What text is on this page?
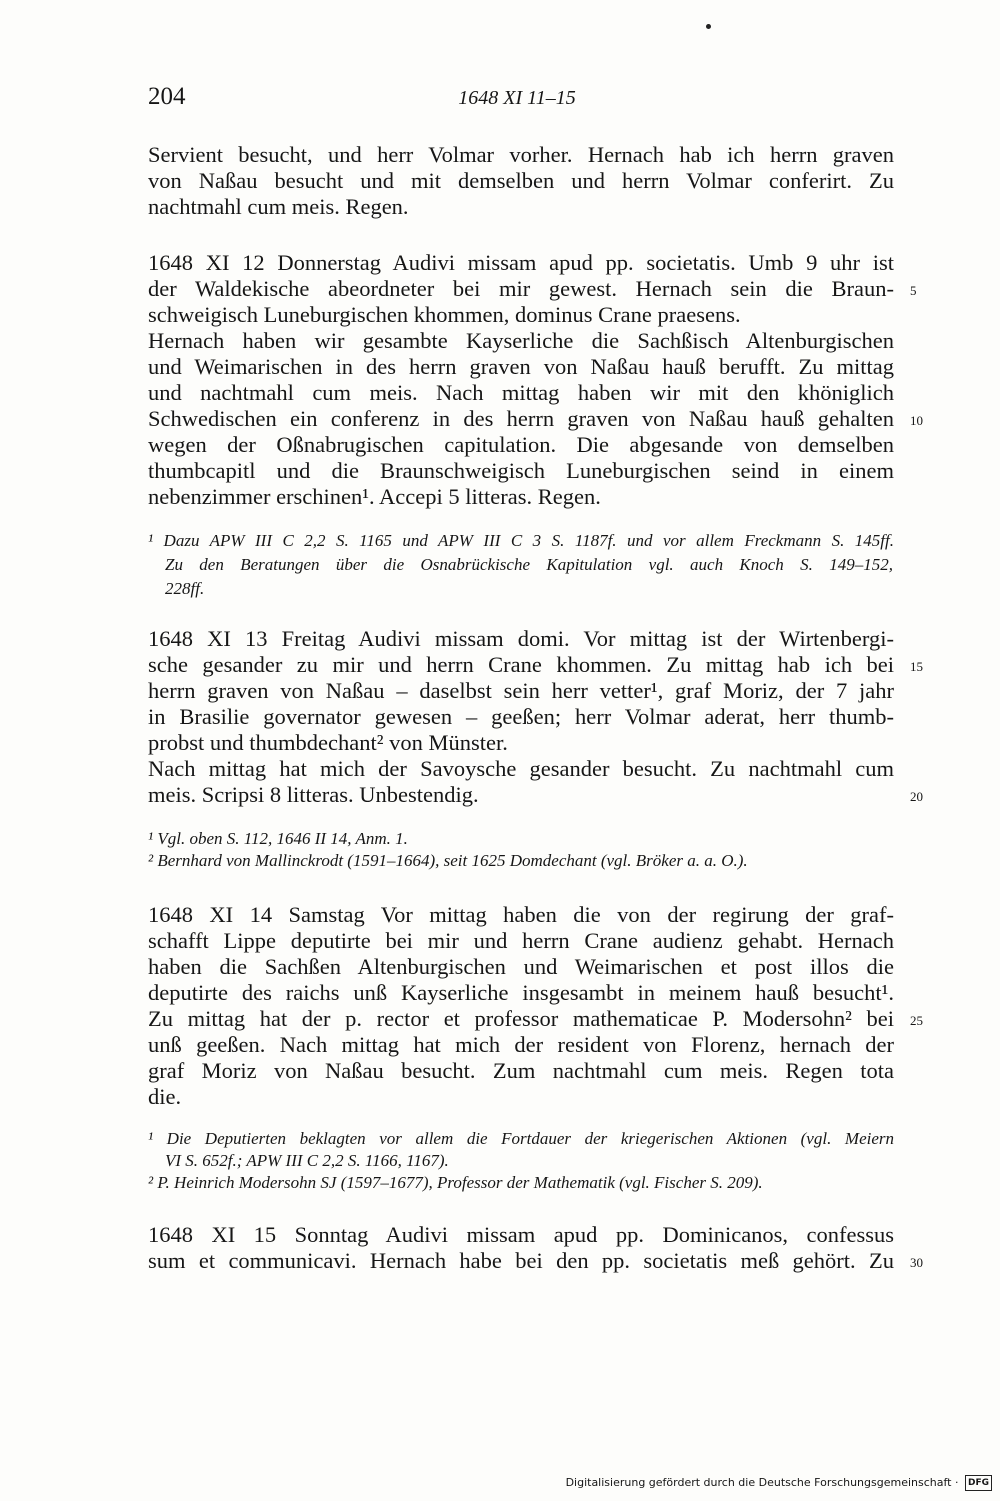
204	1648 XI 11–15
Servient besucht, und herr Volmar vorher. Hernach hab ich herrn graven
von Naßau besucht und mit demselben und herrn Volmar conferirt. Zu
nachtmahl cum meis. Regen.
1648 XI 12 Donnerstag Audivi missam apud pp. societatis. Umb 9 uhr ist
der Waldekische abeordneter bei mir gewest. Hernach sein die Braun-
schweigisch Luneburgischen khommen, dominus Crane praesens.
Hernach haben wir gesambte Kayserliche die Sachßisch Altenburgischen
und Weimarischen in des herrn graven von Naßau hauß berufft. Zu mittag
und nachtmahl cum meis. Nach mittag haben wir mit den khöniglich
Schwedischen ein conferenz in des herrn graven von Naßau hauß gehalten
wegen der Oßnabrugischen capitulation. Die abgesande von demselben
thumbcapitl und die Braunschweigisch Luneburgischen seind in einem
nebenzimmer erschinen¹. Accepi 5 litteras. Regen.
¹ Dazu APW III C 2,2 S. 1165 und APW III C 3 S. 1187f. und vor allem Freckmann S. 145ff.
Zu den Beratungen über die Osnabrückische Kapitulation vgl. auch Knoch S. 149–152,
228ff.
1648 XI 13 Freitag Audivi missam domi. Vor mittag ist der Wirtenbergi-
sche gesander zu mir und herrn Crane khommen. Zu mittag hab ich bei
herrn graven von Naßau – daselbst sein herr vetter¹, graf Moriz, der 7 jahr
in Brasilie governator gewesen – geeßen; herr Volmar aderat, herr thumb-
probst und thumbdechant² von Münster.
Nach mittag hat mich der Savoysche gesander besucht. Zu nachtmahl cum
meis. Scripsi 8 litteras. Unbestendig.
¹ Vgl. oben S. 112, 1646 II 14, Anm. 1.
² Bernhard von Mallinckrodt (1591–1664), seit 1625 Domdechant (vgl. Bröker a. a. O.).
1648 XI 14 Samstag Vor mittag haben die von der regirung der graf-
schafft Lippe deputirte bei mir und herrn Crane audienz gehabt. Hernach
haben die Sachßen Altenburgischen und Weimarischen et post illos die
deputirte des raichs unß Kayserliche insgesambt in meinem hauß besucht¹.
Zu mittag hat der p. rector et professor mathematicae P. Modersohn² bei
unß geeßen. Nach mittag hat mich der resident von Florenz, hernach der
graf Moriz von Naßau besucht. Zum nachtmahl cum meis. Regen tota
die.
¹ Die Deputierten beklagten vor allem die Fortdauer der kriegerischen Aktionen (vgl. Meiern
VI S. 652f.; APW III C 2,2 S. 1166, 1167).
² P. Heinrich Modersohn SJ (1597–1677), Professor der Mathematik (vgl. Fischer S. 209).
1648 XI 15 Sonntag Audivi missam apud pp. Dominicanos, confessus
sum et communicavi. Hernach habe bei den pp. societatis meß gehört. Zu
5
10
15
20
25
30
Digitalisierung gefördert durch die Deutsche Forschungsgemeinschaft · DFG
